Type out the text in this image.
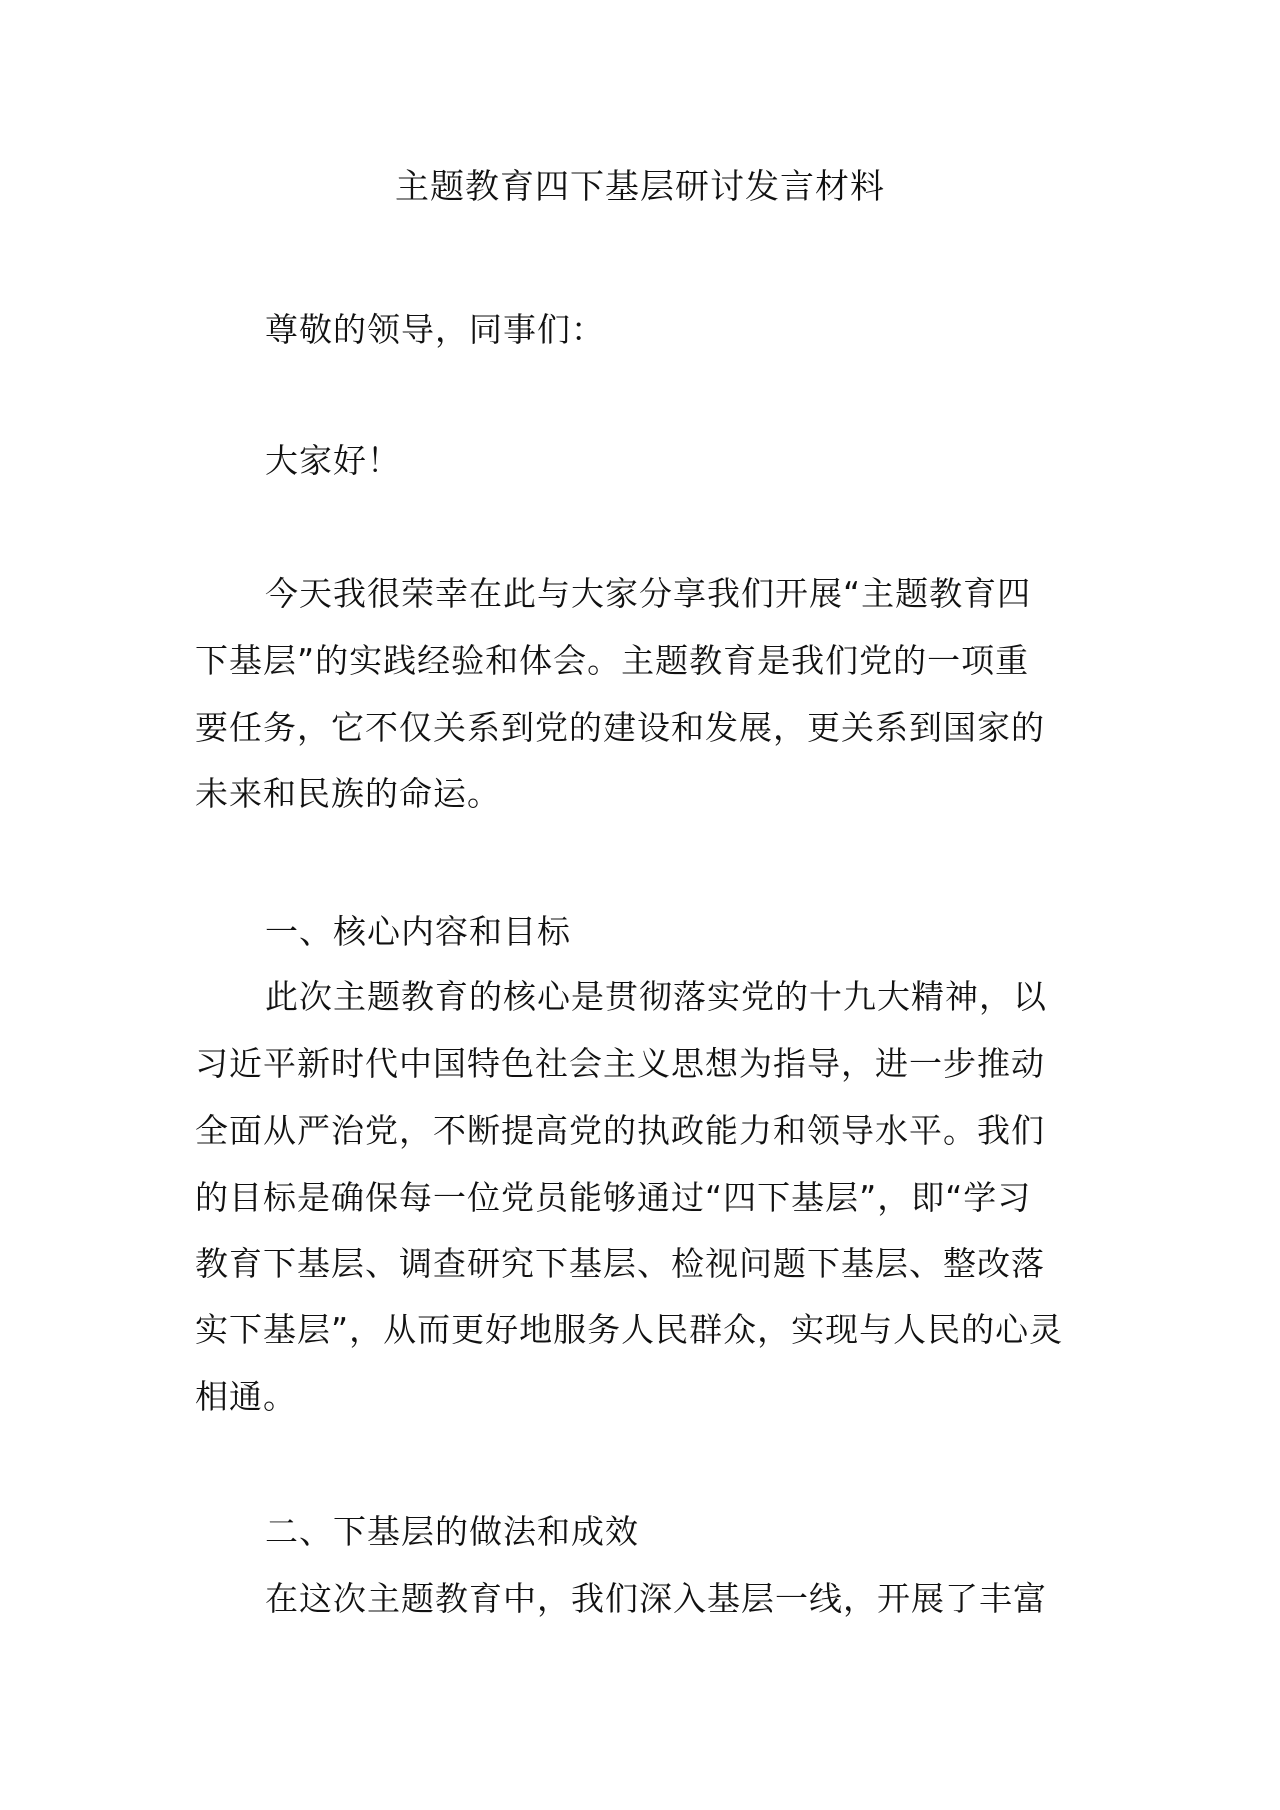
主题教育四下基层研讨发言材料
尊敬的领导，同事们：
大家好！
今天我很荣幸在此与大家分享我们开展“主题教育四
下基层”的实践经验和体会。主题教育是我们党的一项重
要任务，它不仅关系到党的建设和发展，更关系到国家的
未来和民族的命运。
一、核心内容和目标
此次主题教育的核心是贯彻落实党的十九大精神，以
习近平新时代中国特色社会主义思想为指导，进一步推动
全面从严治党，不断提高党的执政能力和领导水平。我们
的目标是确保每一位党员能够通过“四下基层”，即“学习
教育下基层、调查研究下基层、检视问题下基层、整改落
实下基层”，从而更好地服务人民群众，实现与人民的心灵
相通。
二、下基层的做法和成效
在这次主题教育中，我们深入基层一线，开展了丰富
